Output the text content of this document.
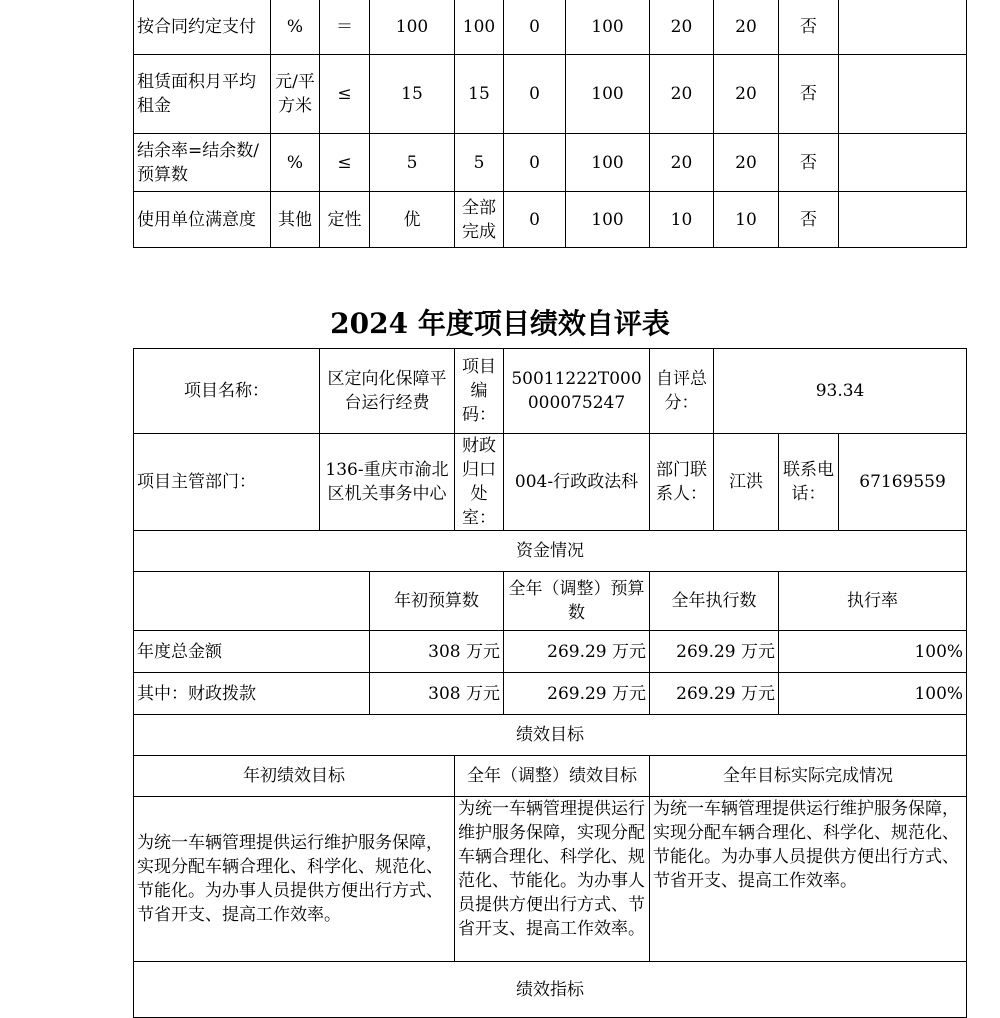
按合同约定支付	%	＝	100	100	0	100	20	20	否	
租赁面积月平均租金	元/平方米	≤	15	15	0	100	20	20	否	
结余率=结余数/预算数	%	≤	5	5	0	100	20	20	否	
使用单位满意度	其他	定性	优	全部完成	0	100	10	10	否	
2024 年度项目绩效自评表
项目名称：	区定向化保障平台运行经费		项目编码：	50011222T000000075247	自评总分：	93.34			
项目主管部门：	136-重庆市渝北区机关事务中心		财政归口处室：	004-行政政法科	部门联系人：	江洪	联系电话：	67169559	
资金情况									
		年初预算数		全年（调整）预算数	全年执行数		执行率	

年度总金额		308 万元		269.29 万元	269.29 万元		100%	

其中：财政拨款		308 万元		269.29 万元	269.29 万元		100%	

绩效目标									
年初绩效目标			全年（调整）绩效目标		全年目标实际完成情况				
为统一车辆管理提供运行维护服务保障，实现分配车辆合理化、科学化、规范化、节能化。为办事人员提供方便出行方式、节省开支、提高工作效率。			为统一车辆管理提供运行维护服务保障，实现分配车辆合理化、科学化、规范化、节能化。为办事人员提供方便出行方式、节省开支、提高工作效率。		为统一车辆管理提供运行维护服务保障，实现分配车辆合理化、科学化、规范化、节能化。为办事人员提供方便出行方式、节省开支、提高工作效率。				
绩效指标									
